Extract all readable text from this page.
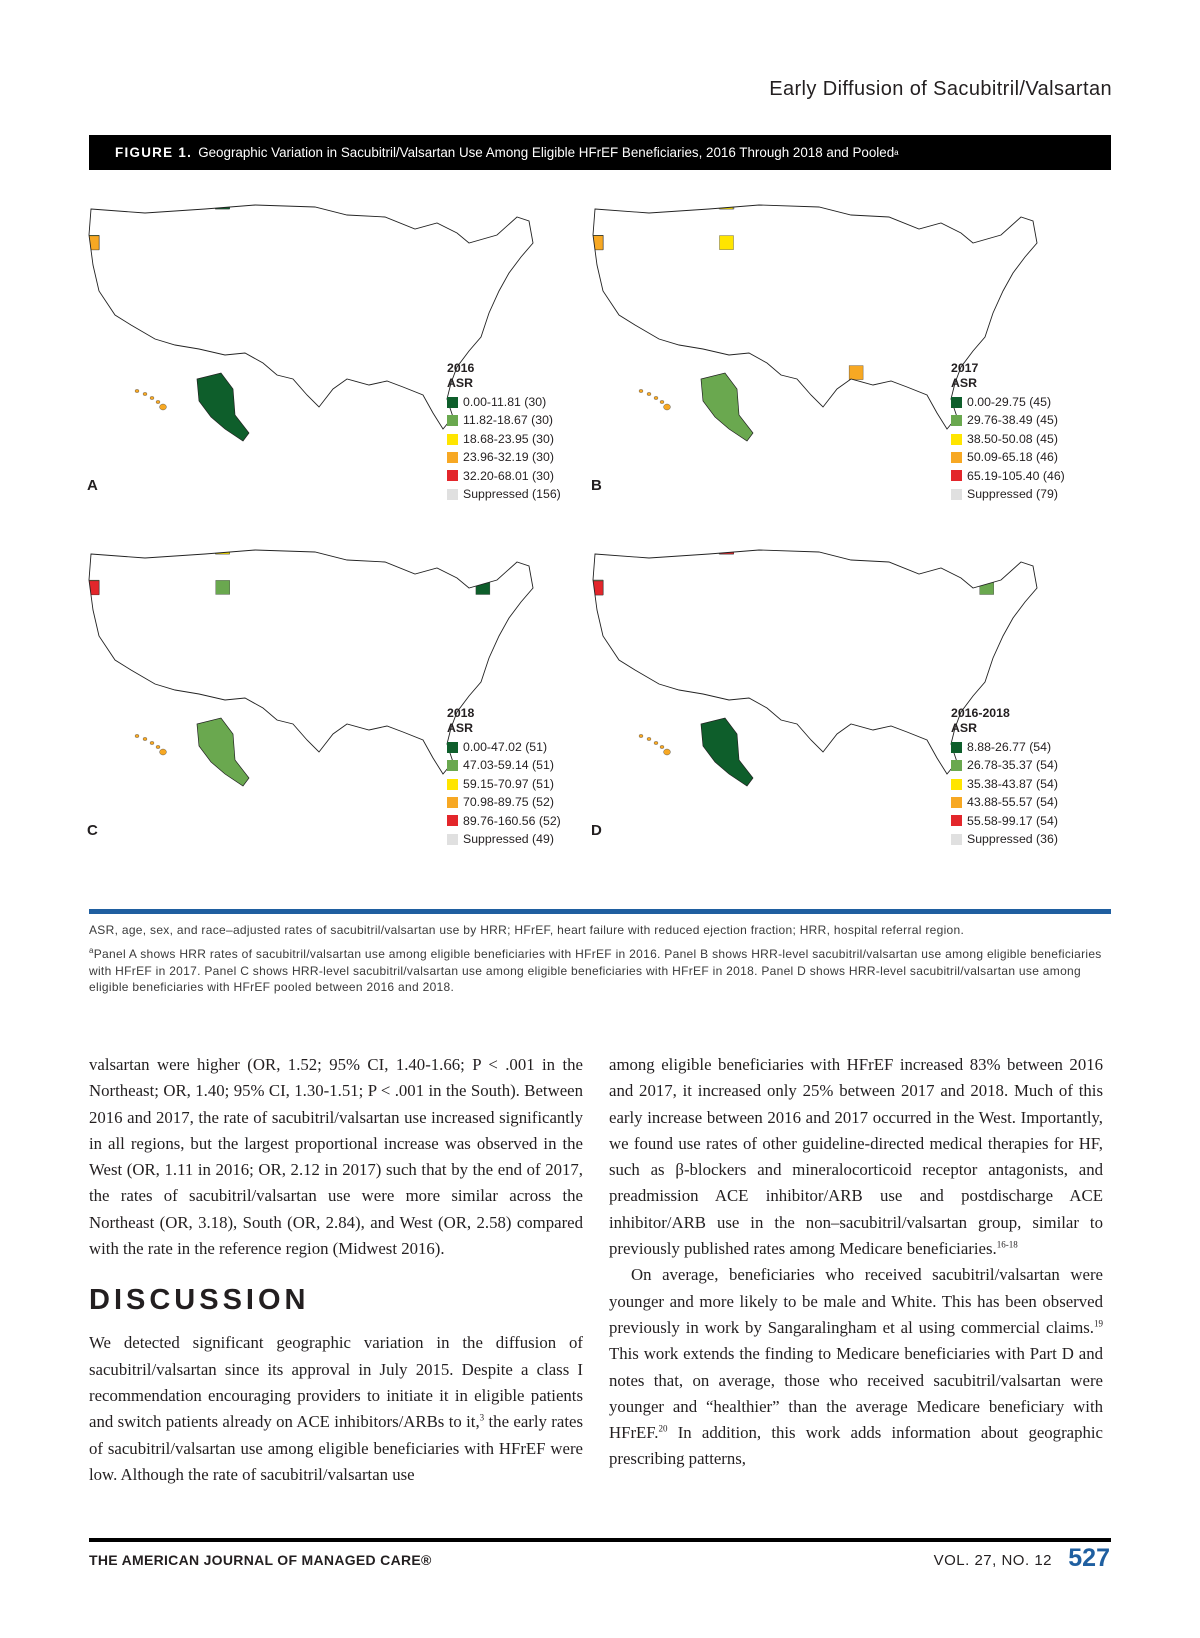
Early Diffusion of Sacubitril/Valsartan
FIGURE 1. Geographic Variation in Sacubitril/Valsartan Use Among Eligible HFrEF Beneficiaries, 2016 Through 2018 and Pooled a
2016
ASR
0.00-11.81 (30)
11.82-18.67 (30)
18.68-23.95 (30)
23.96-32.19 (30)
32.20-68.01 (30)
Suppressed (156)
A
2017
ASR
0.00-29.75 (45)
29.76-38.49 (45)
38.50-50.08 (45)
50.09-65.18 (46)
65.19-105.40 (46)
Suppressed (79)
B
2018
ASR
0.00-47.02 (51)
47.03-59.14 (51)
59.15-70.97 (51)
70.98-89.75 (52)
89.76-160.56 (52)
Suppressed (49)
C
2016-2018
ASR
8.88-26.77 (54)
26.78-35.37 (54)
35.38-43.87 (54)
43.88-55.57 (54)
55.58-99.17 (54)
Suppressed (36)
D
ASR, age, sex, and race–adjusted rates of sacubitril/valsartan use by HRR; HFrEF, heart failure with reduced ejection fraction; HRR, hospital referral region.
$^a$Panel A shows HRR rates of sacubitril/valsartan use among eligible beneficiaries with HFrEF in 2016. Panel B shows HRR-level sacubitril/valsartan use among eligible beneficiaries with HFrEF in 2017. Panel C shows HRR-level sacubitril/valsartan use among eligible beneficiaries with HFrEF in 2018. Panel D shows HRR-level sacubitril/valsartan use among eligible beneficiaries with HFrEF pooled between 2016 and 2018.

valsartan were higher (OR, 1.52; 95% CI, 1.40-1.66; P < .001 in the Northeast; OR, 1.40; 95% CI, 1.30-1.51; P < .001 in the South). Between 2016 and 2017, the rate of sacubitril/valsartan use increased significantly in all regions, but the largest proportional increase was observed in the West (OR, 1.11 in 2016; OR, 2.12 in 2017) such that by the end of 2017, the rates of sacubitril/valsartan use were more similar across the Northeast (OR, 3.18), South (OR, 2.84), and West (OR, 2.58) compared with the rate in the reference region (Midwest 2016).

DISCUSSION

We detected significant geographic variation in the diffusion of sacubitril/valsartan since its approval in July 2015. Despite a class I recommendation encouraging providers to initiate it in eligible patients and switch patients already on ACE inhibitors/ARBs to it,$^3$ the early rates of sacubitril/valsartan use among eligible beneficiaries with HFrEF were low. Although the rate of sacubitril/valsartan use

among eligible beneficiaries with HFrEF increased 83% between 2016 and 2017, it increased only 25% between 2017 and 2018. Much of this early increase between 2016 and 2017 occurred in the West. Importantly, we found use rates of other guideline-directed medical therapies for HF, such as β-blockers and mineralocorticoid receptor antagonists, and preadmission ACE inhibitor/ARB use and postdischarge ACE inhibitor/ARB use in the non–sacubitril/valsartan group, similar to previously published rates among Medicare beneficiaries.$^{16-18}$

On average, beneficiaries who received sacubitril/valsartan were younger and more likely to be male and White. This has been observed previously in work by Sangaralingham et al using commercial claims.$^{19}$ This work extends the finding to Medicare beneficiaries with Part D and notes that, on average, those who received sacubitril/valsartan were younger and “healthier” than the average Medicare beneficiary with HFrEF.$^{20}$ In addition, this work adds information about geographic prescribing patterns,

THE AMERICAN JOURNAL OF MANAGED CARE®	VOL. 27, NO. 12 527
